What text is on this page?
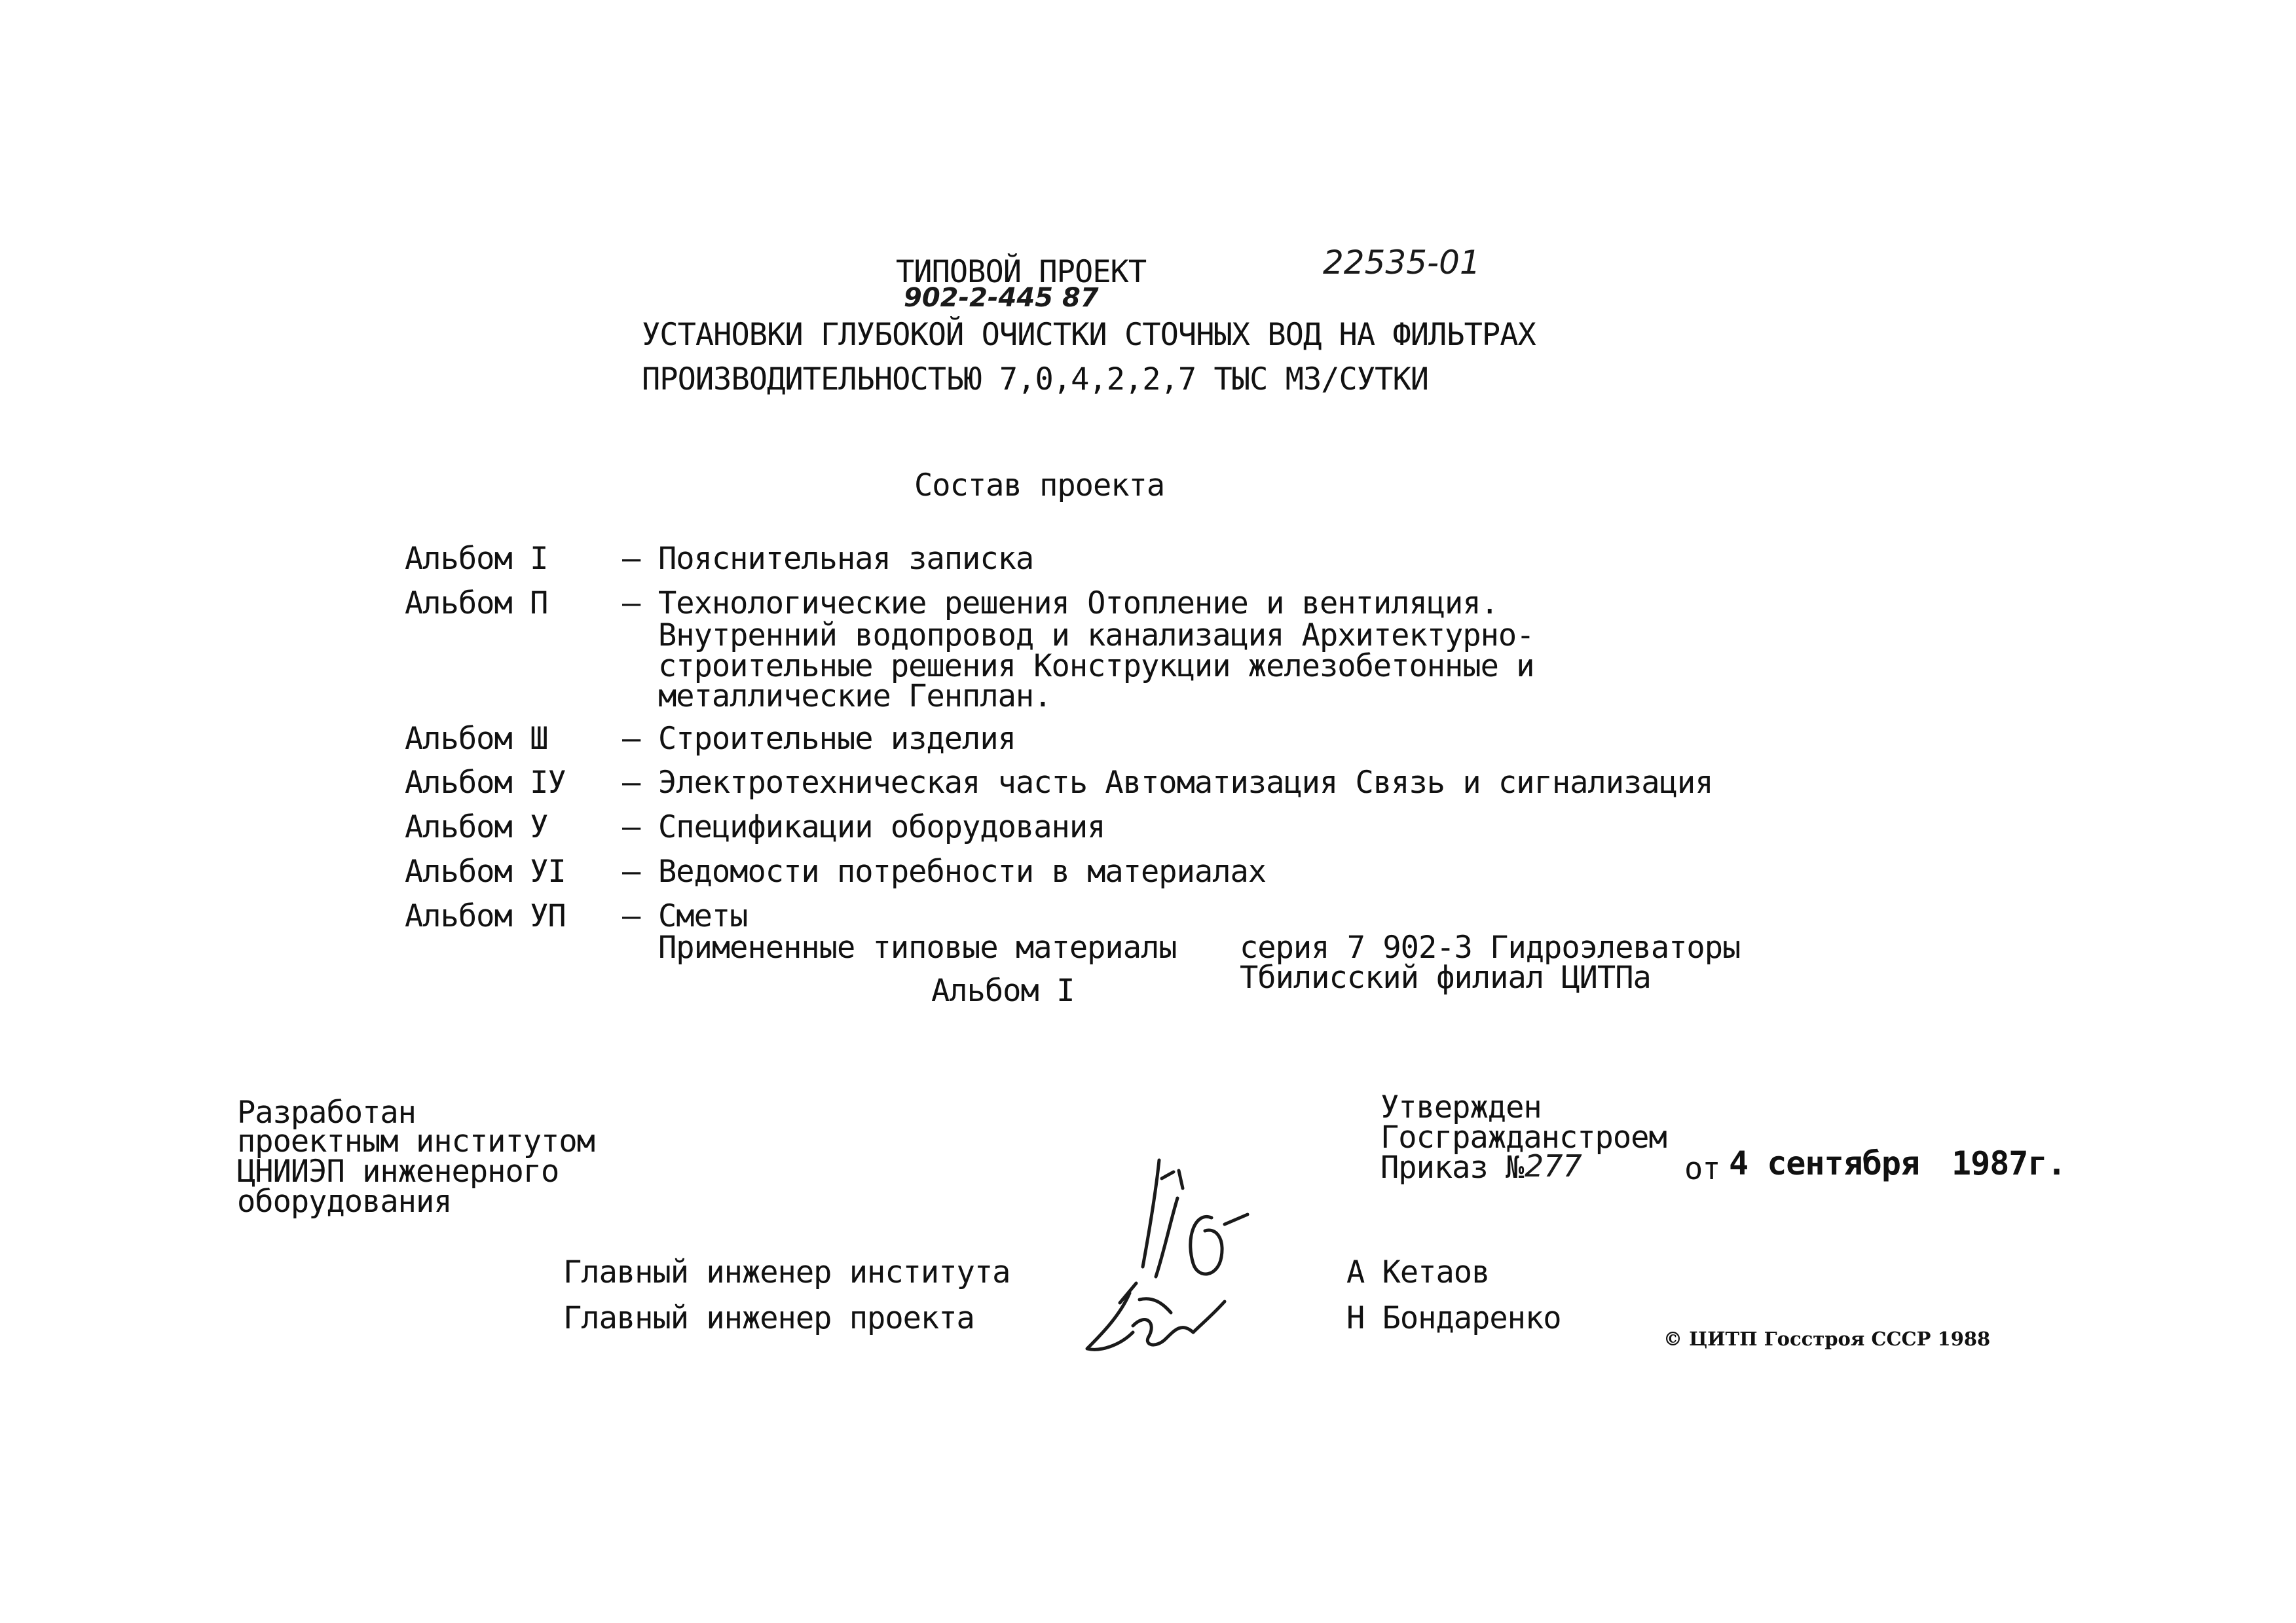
ТИПОВОЙ ПРОЕКТ	22535-01
902-2-445 87
УСТАНОВКИ ГЛУБОКОЙ ОЧИСТКИ СТОЧНЫХ ВОД НА ФИЛЬТРАХ
ПРОИЗВОДИТЕЛЬНОСТЬЮ 7,0,4,2,2,7 ТЫС М3/СУТКИ
Состав проекта
Альбом I – Пояснительная записка
Альбом П – Технологические решения Отопление и вентиляция.
Внутренний водопровод и канализация Архитектурно-
строительные решения Конструкции железобетонные и
металлические Генплан.
Альбом Ш – Строительные изделия
Альбом ΙУ – Электротехническая часть Автоматизация Связь и сигнализация
Альбом У – Спецификации оборудования
Альбом УI – Ведомости потребности в материалах
Альбом УП – Сметы
Примененные типовые материалы серия 7 902-3 Гидроэлеваторы
Тбилисский филиал ЦИТПа
Альбом I
Разработан
проектным институтом
ЦНИИЭП инженерного
оборудования
Утвержден
Госгражданстроем
Приказ № 277	от 4 сентября 1987г.
Главный инженер института	А Кетаов
Главный инженер проекта	Н Бондаренко
© ЦИТП Госстроя СССР 1988
